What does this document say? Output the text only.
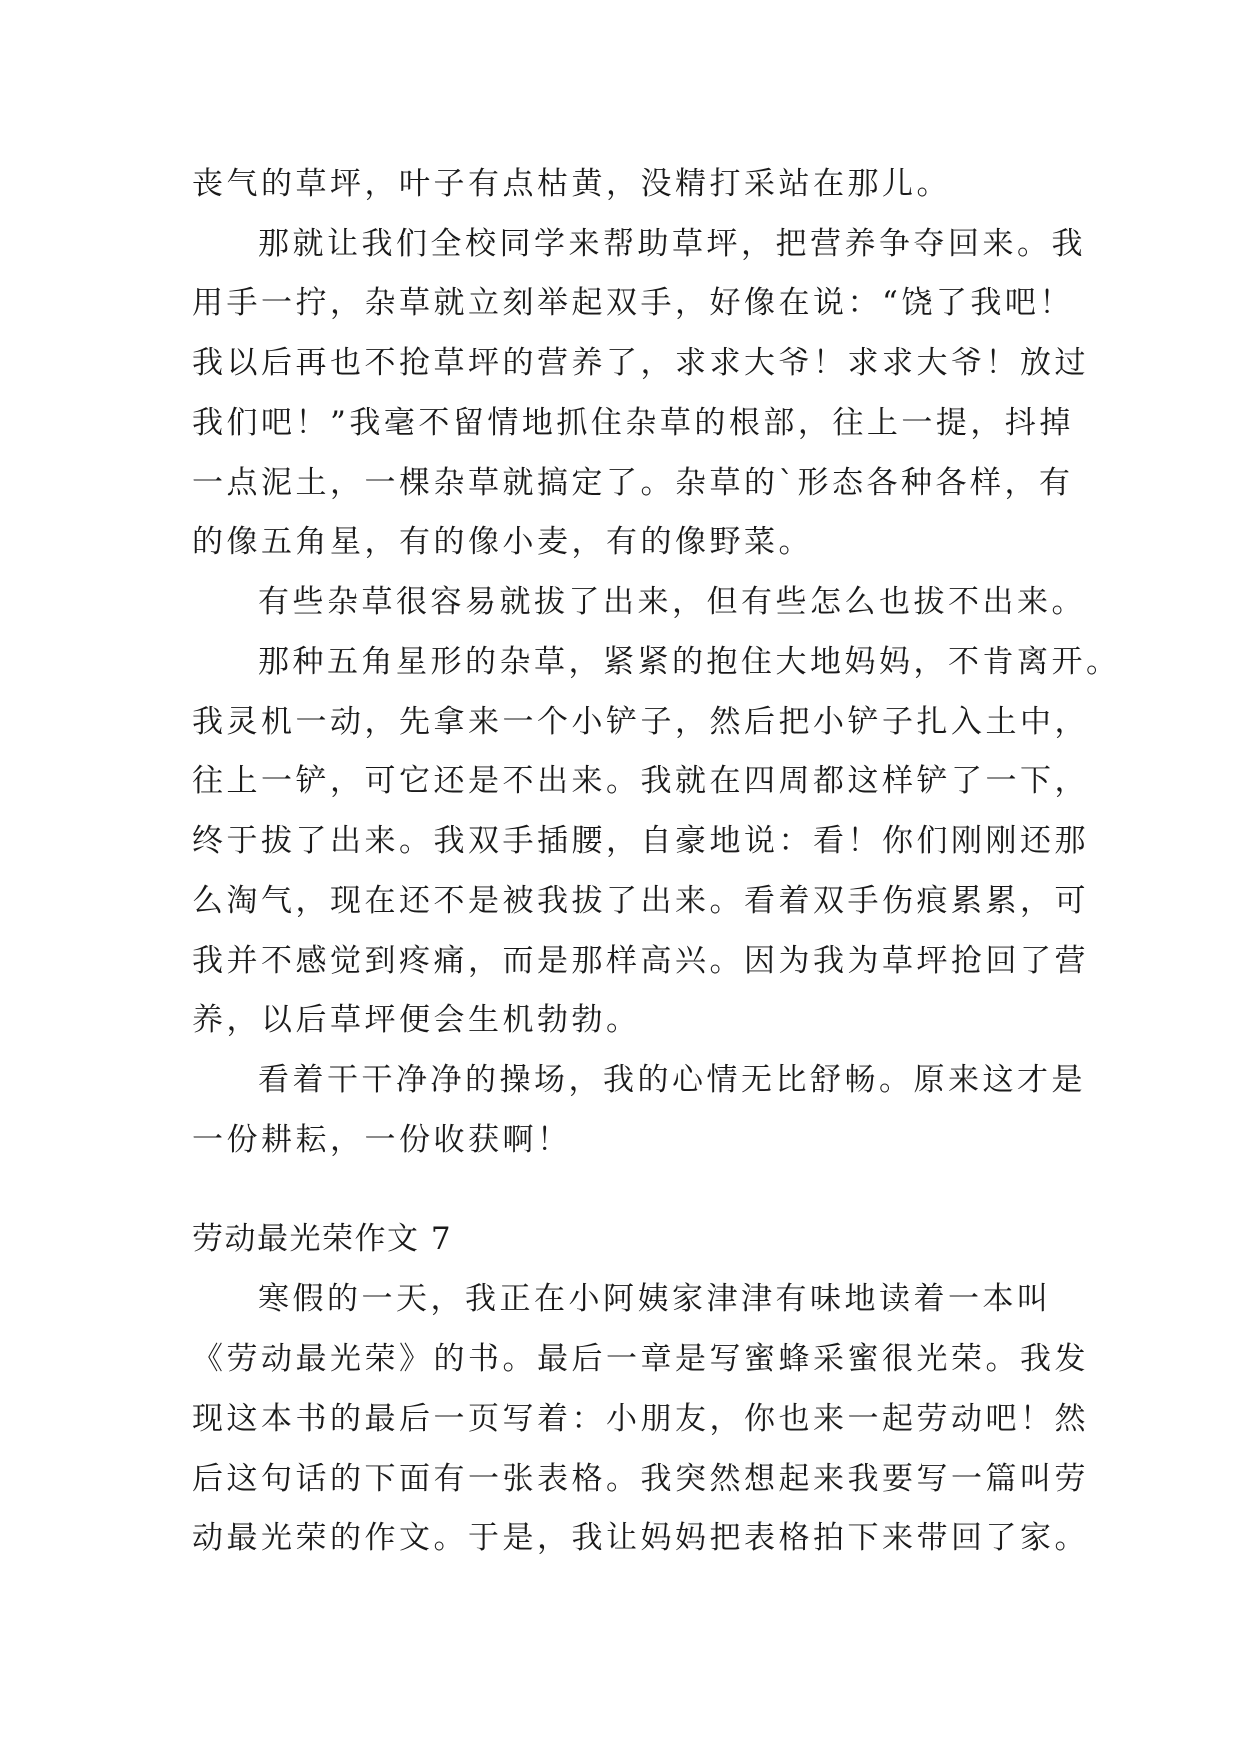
丧气的草坪，叶子有点枯黄，没精打采站在那儿。
那就让我们全校同学来帮助草坪，把营养争夺回来。我
用手一拧，杂草就立刻举起双手，好像在说：“饶了我吧！
我以后再也不抢草坪的营养了，求求大爷！求求大爷！放过
我们吧！”我毫不留情地抓住杂草的根部，往上一提，抖掉
一点泥土，一棵杂草就搞定了。杂草的`形态各种各样，有
的像五角星，有的像小麦，有的像野菜。
有些杂草很容易就拔了出来，但有些怎么也拔不出来。
那种五角星形的杂草，紧紧的抱住大地妈妈，不肯离开。
我灵机一动，先拿来一个小铲子，然后把小铲子扎入土中，
往上一铲，可它还是不出来。我就在四周都这样铲了一下，
终于拔了出来。我双手插腰，自豪地说：看！你们刚刚还那
么淘气，现在还不是被我拔了出来。看着双手伤痕累累，可
我并不感觉到疼痛，而是那样高兴。因为我为草坪抢回了营
养，以后草坪便会生机勃勃。
看着干干净净的操场，我的心情无比舒畅。原来这才是
一份耕耘，一份收获啊！
劳动最光荣作文 7
寒假的一天，我正在小阿姨家津津有味地读着一本叫
《劳动最光荣》的书。最后一章是写蜜蜂采蜜很光荣。我发
现这本书的最后一页写着：小朋友，你也来一起劳动吧！然
后这句话的下面有一张表格。我突然想起来我要写一篇叫劳
动最光荣的作文。于是，我让妈妈把表格拍下来带回了家。
